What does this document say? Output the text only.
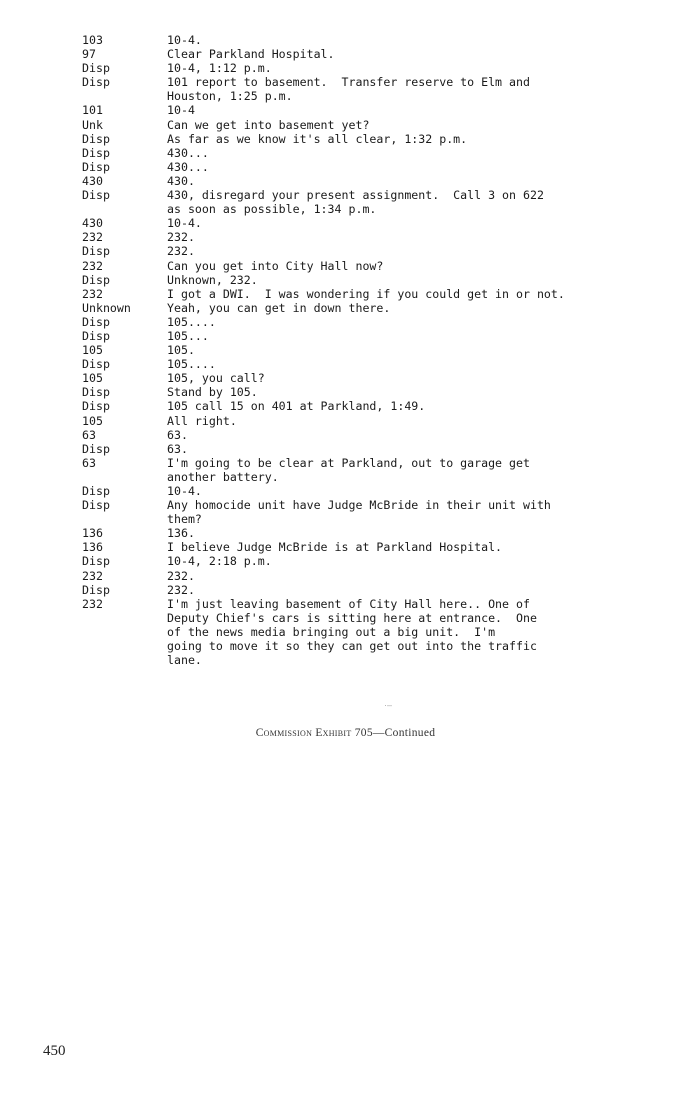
103	10-4.
97	Clear Parkland Hospital.
Disp	10-4, 1:12 p.m.
Disp	101 report to basement.  Transfer reserve to Elm and
Houston, 1:25 p.m.
101	10-4
Unk	Can we get into basement yet?
Disp	As far as we know it's all clear, 1:32 p.m.
Disp	430...
Disp	430...
430	430.
Disp	430, disregard your present assignment.  Call 3 on 622
as soon as possible, 1:34 p.m.
430	10-4.
232	232.
Disp	232.
232	Can you get into City Hall now?
Disp	Unknown, 232.
232	I got a DWI.  I was wondering if you could get in or not.
Unknown	Yeah, you can get in down there.
Disp	105....
Disp	105...
105	105.
Disp	105....
105	105, you call?
Disp	Stand by 105.
Disp	105 call 15 on 401 at Parkland, 1:49.
105	All right.
63	63.
Disp	63.
63	I'm going to be clear at Parkland, out to garage get
another battery.
Disp	10-4.
Disp	Any homocide unit have Judge McBride in their unit with
them?
136	136.
136	I believe Judge McBride is at Parkland Hospital.
Disp	10-4, 2:18 p.m.
232	232.
Disp	232.
232	I'm just leaving basement of City Hall here.. One of
Deputy Chief's cars is sitting here at entrance.  One
of the news media bringing out a big unit.  I'm
going to move it so they can get out into the traffic
lane.
·‒
Commission Exhibit 705—Continued
450
